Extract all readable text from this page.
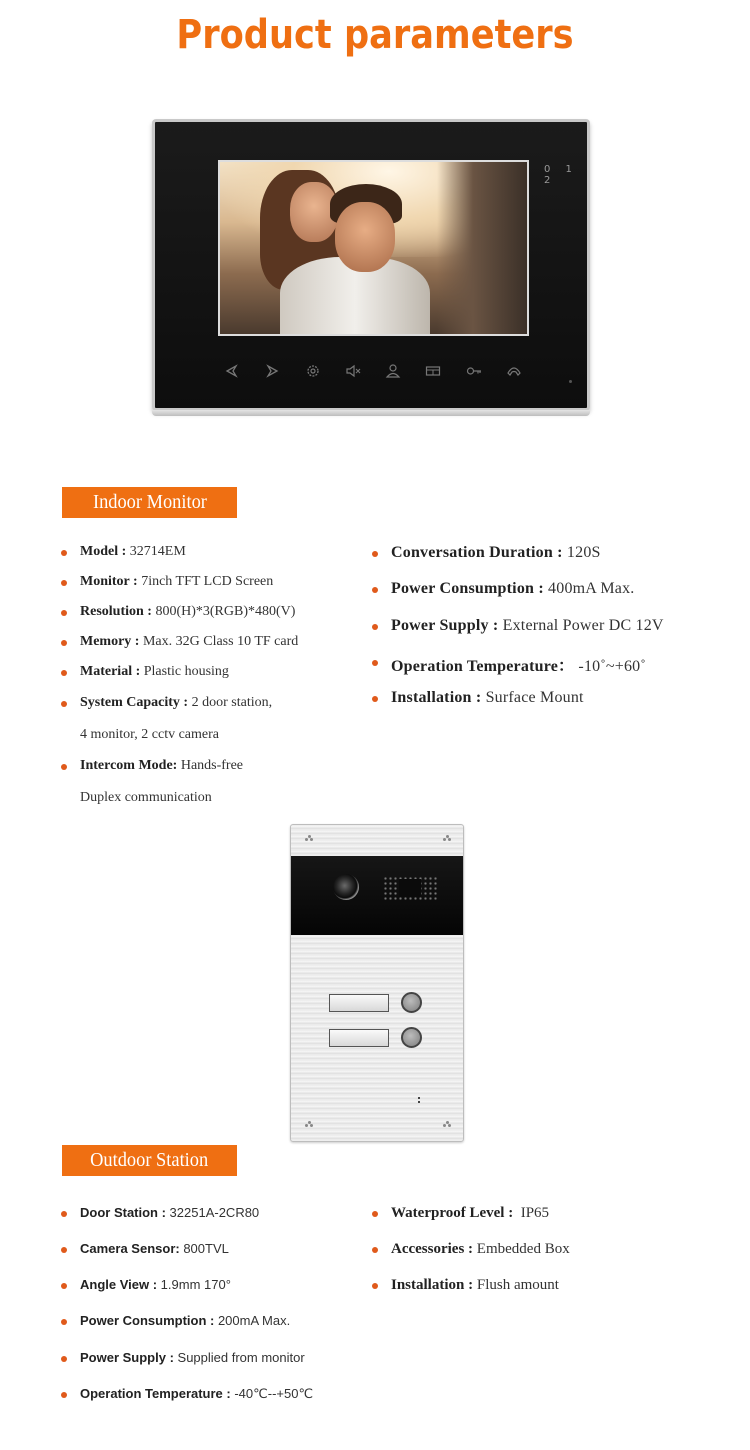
Product parameters
0 1 2
Indoor Monitor
Model : 32714EM
Monitor : 7inch TFT LCD Screen
Resolution : 800(H)*3(RGB)*480(V)
Memory : Max. 32G Class 10 TF card
Material : Plastic housing
System Capacity : 2 door station,
4 monitor, 2 cctv camera
Intercom Mode: Hands-free
Duplex communication
Conversation Duration : 120S
Power Consumption : 400mA Max.
Power Supply : External Power DC 12V
Operation Temperature： -10˚~+60˚
Installation : Surface Mount
Outdoor Station
Door Station : 32251A-2CR80
Camera Sensor: 800TVL
Angle View : 1.9mm 170°
Power Consumption : 200mA Max.
Power Supply : Supplied from monitor
Operation Temperature : -40℃--+50℃
Waterproof Level :  IP65
Accessories : Embedded Box
Installation : Flush amount
